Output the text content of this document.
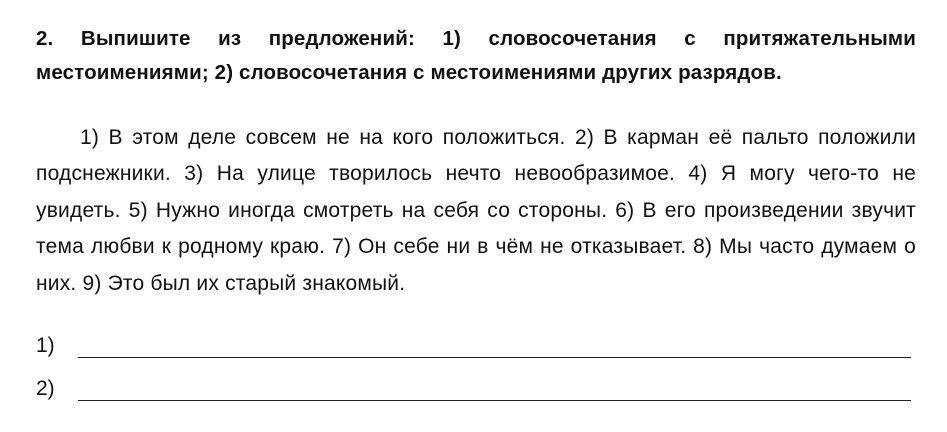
2. Выпишите из предложений: 1) словосочетания с притяжательными местоимениями; 2) словосочетания с местоимениями других разрядов.
1) В этом деле совсем не на кого положиться. 2) В карман её пальто положили подснежники. 3) На улице творилось нечто невообразимое. 4) Я могу чего-то не увидеть. 5) Нужно иногда смотреть на себя со стороны. 6) В его произведении звучит тема любви к родному краю. 7) Он себе ни в чём не отказывает. 8) Мы часто думаем о них. 9) Это был их старый знакомый.
1)
2)
